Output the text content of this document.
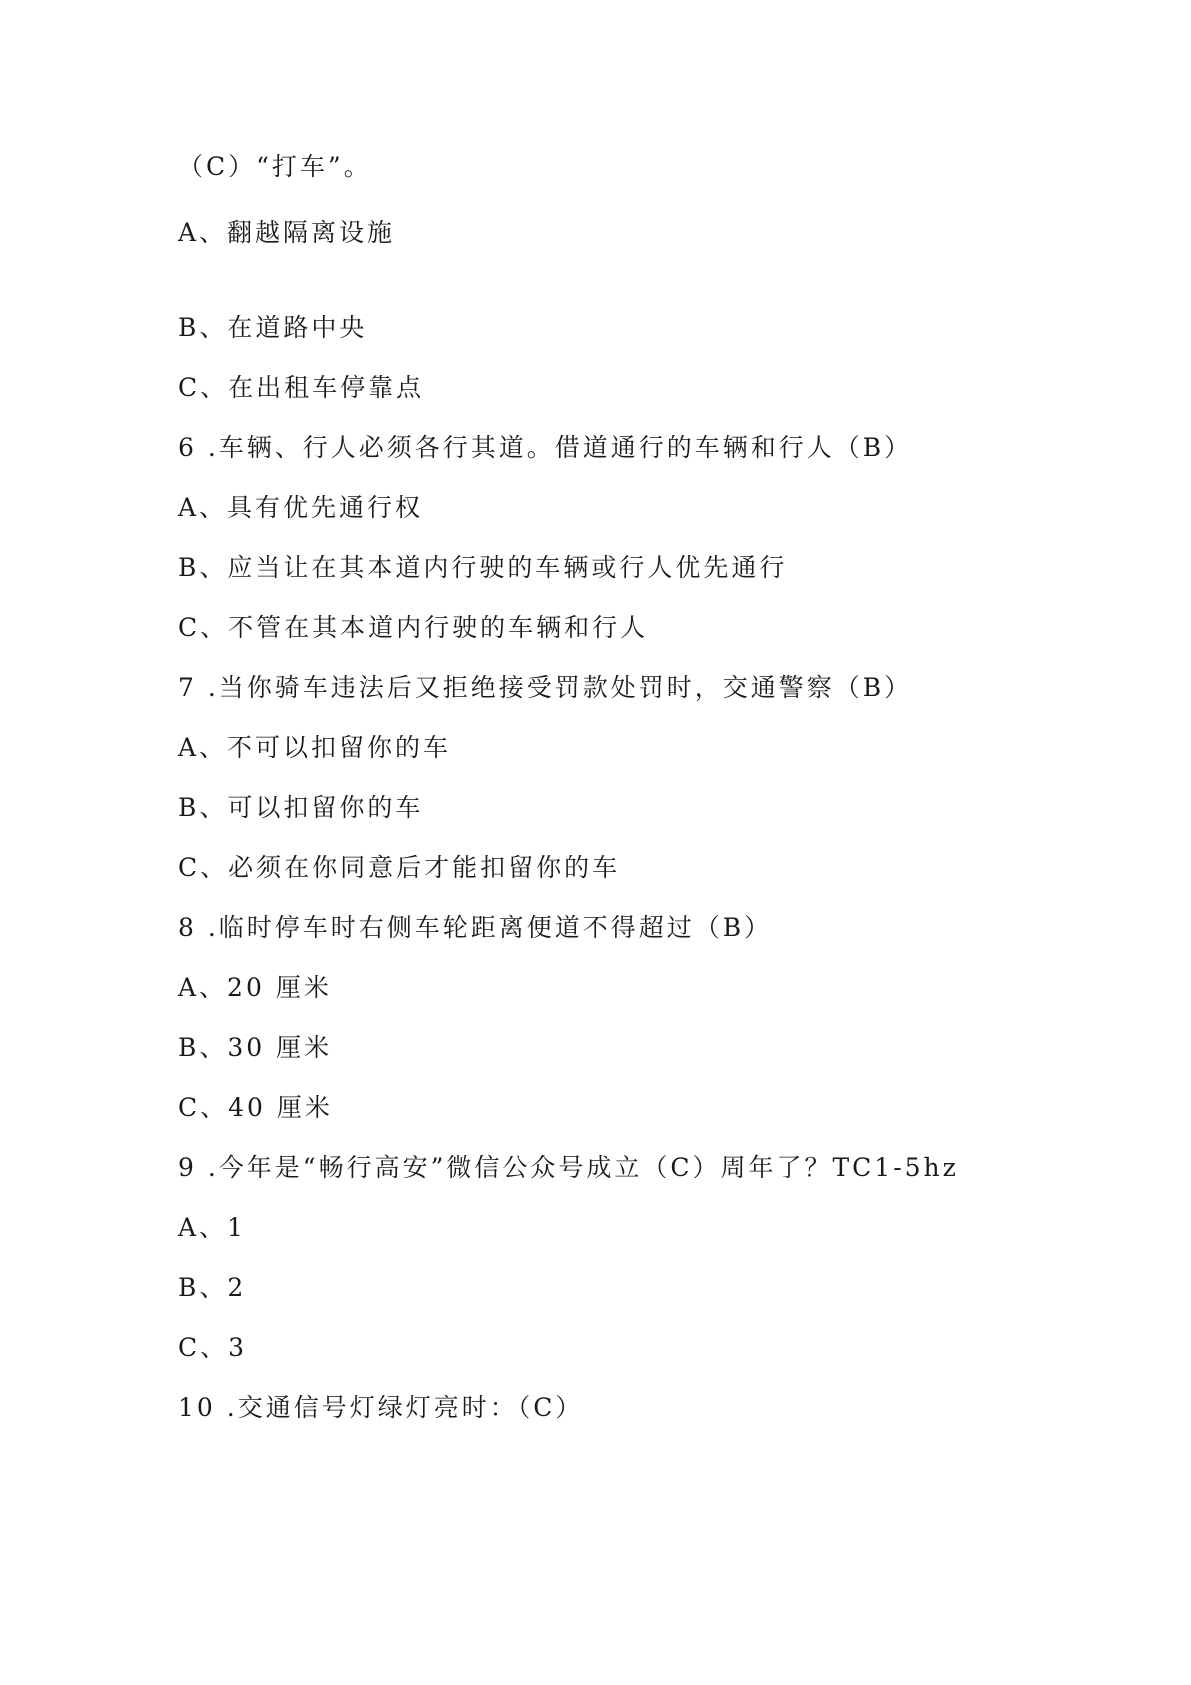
（C）“打车”。
A、翻越隔离设施
B、在道路中央
C、在出租车停靠点
6 .车辆、行人必须各行其道。借道通行的车辆和行人（B）
A、具有优先通行权
B、应当让在其本道内行驶的车辆或行人优先通行
C、不管在其本道内行驶的车辆和行人
7 .当你骑车违法后又拒绝接受罚款处罚时，交通警察（B）
A、不可以扣留你的车
B、可以扣留你的车
C、必须在你同意后才能扣留你的车
8 .临时停车时右侧车轮距离便道不得超过（B）
A、20 厘米
B、30 厘米
C、40 厘米
9 .今年是“畅行高安”微信公众号成立（C）周年了？TC1-5hz
A、1
B、2
C、3
10 .交通信号灯绿灯亮时：（C）
